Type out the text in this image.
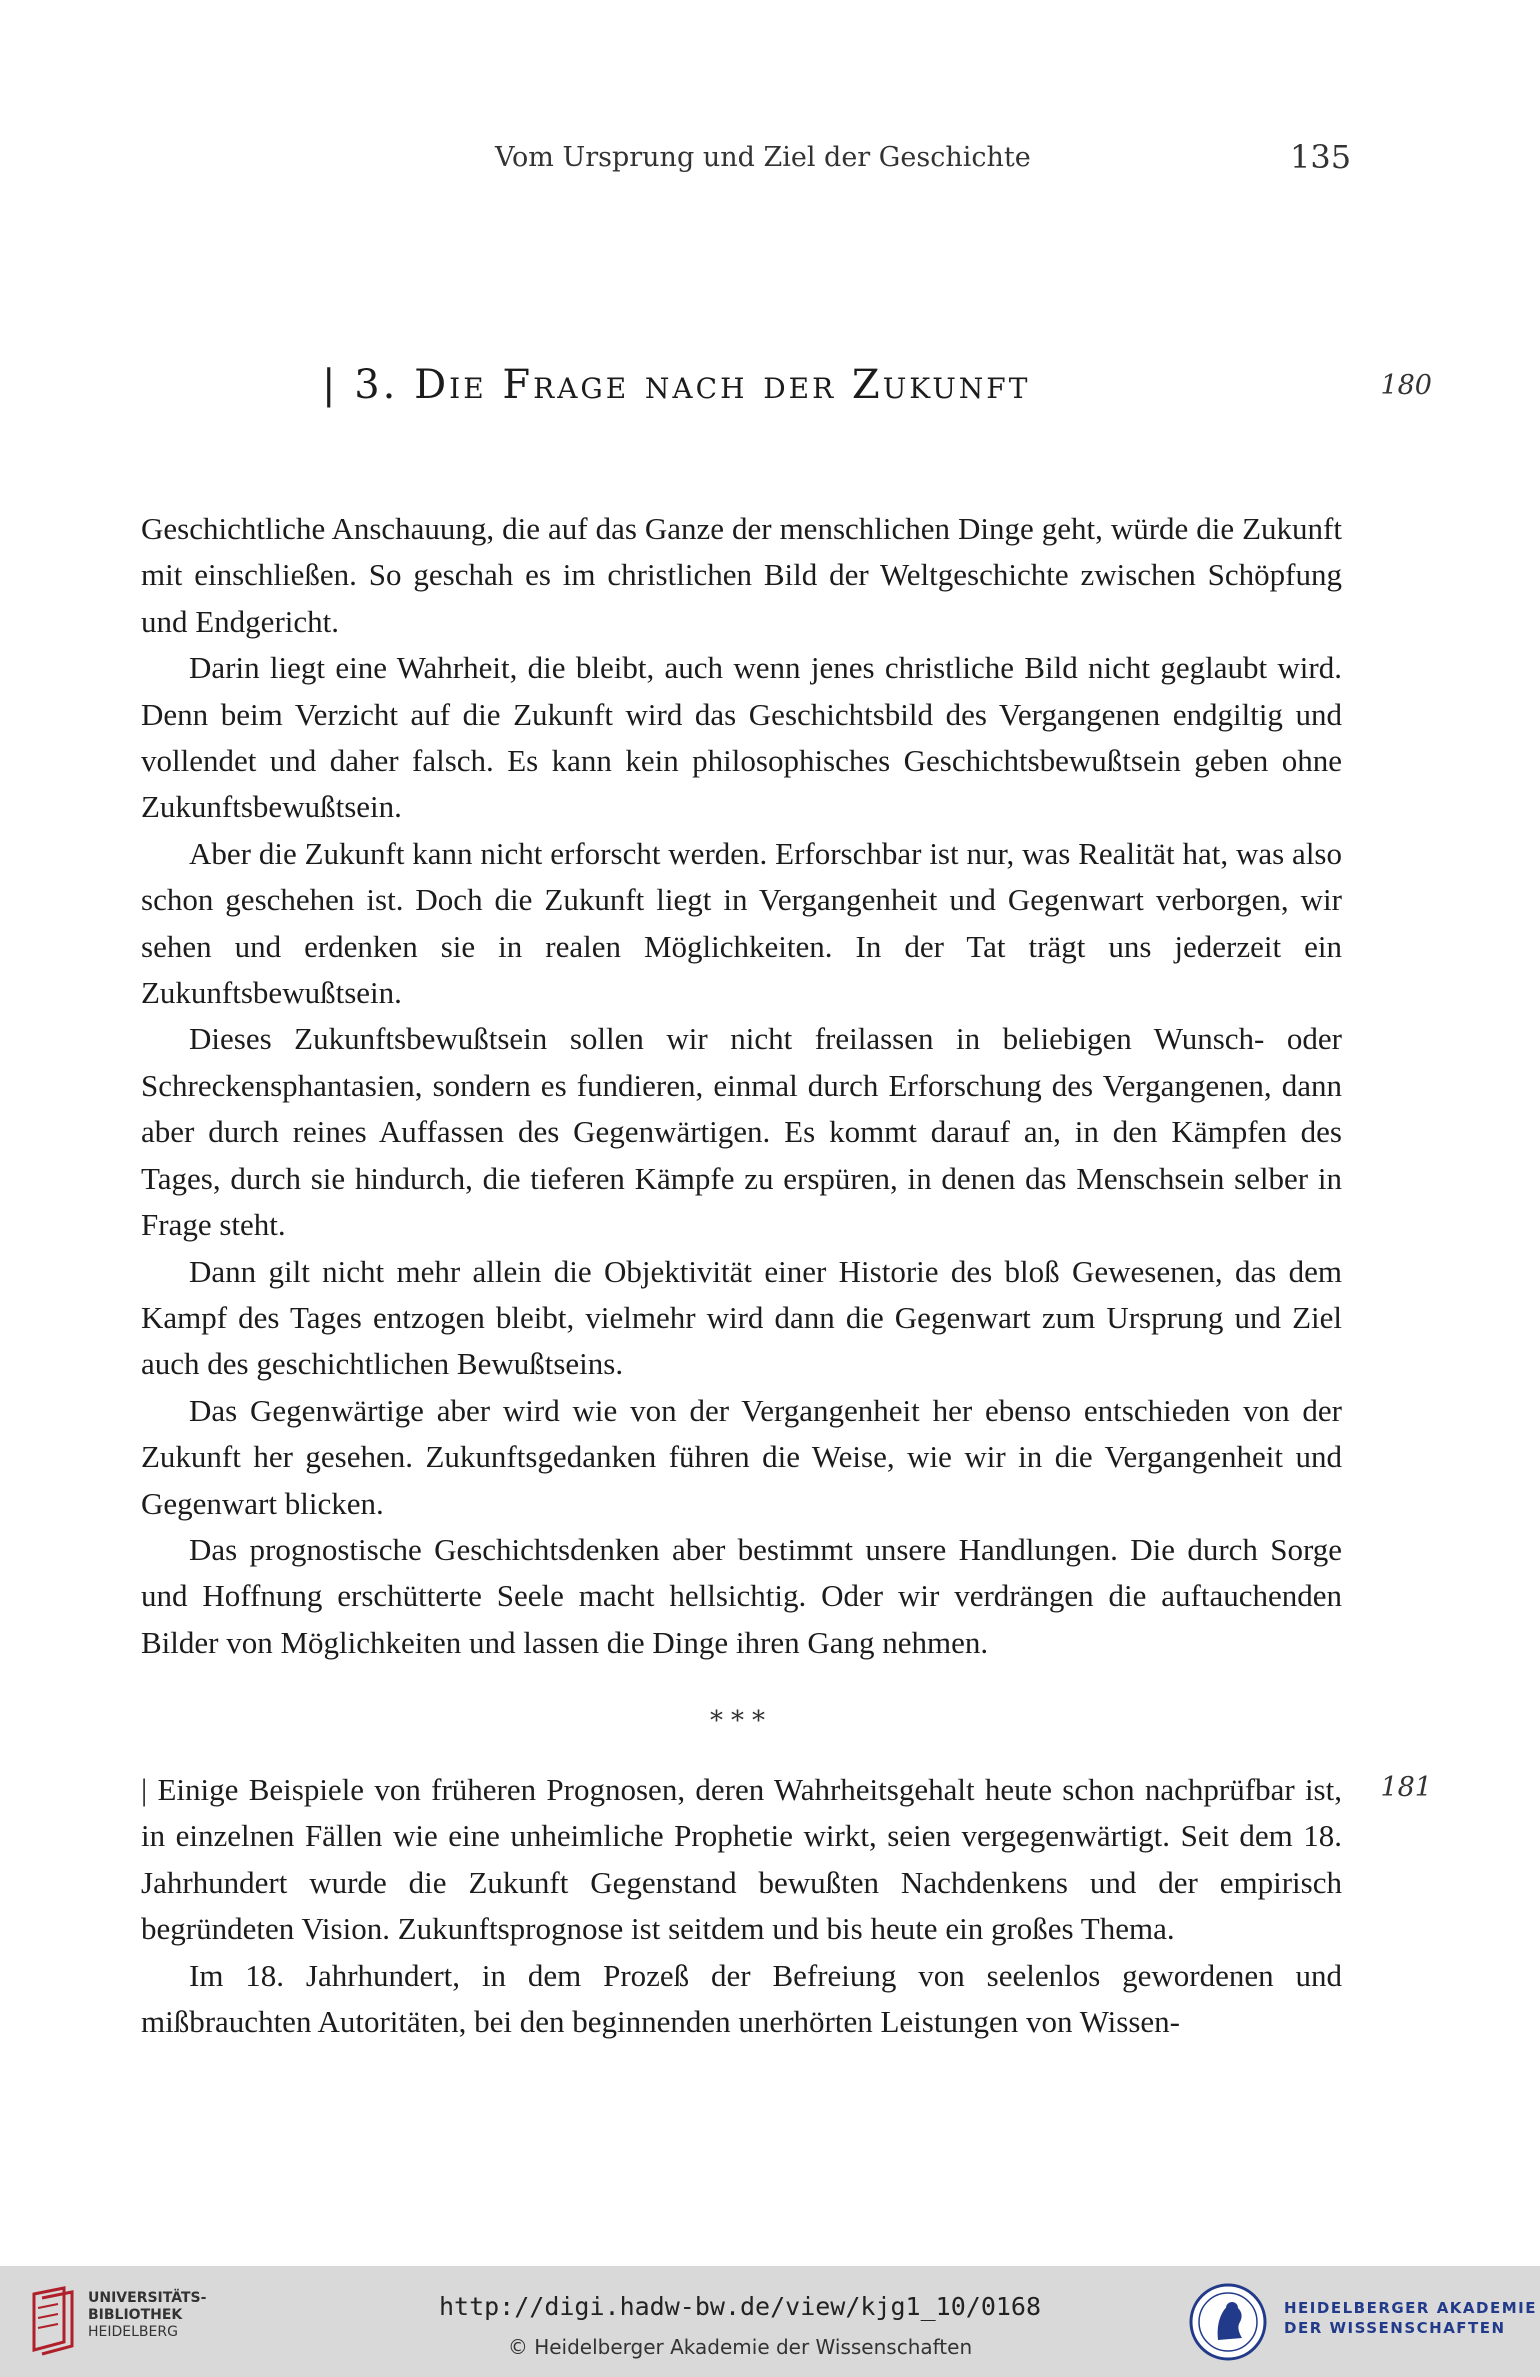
Vom Ursprung und Ziel der Geschichte	135
| 3. Die Frage nach der Zukunft	180

Geschichtliche Anschauung, die auf das Ganze der menschlichen Dinge geht, würde die Zukunft mit einschließen. So geschah es im christlichen Bild der Weltgeschichte zwischen Schöpfung und Endgericht.

Darin liegt eine Wahrheit, die bleibt, auch wenn jenes christliche Bild nicht geglaubt wird. Denn beim Verzicht auf die Zukunft wird das Geschichtsbild des Vergangenen endgiltig und vollendet und daher falsch. Es kann kein philosophisches Geschichtsbewußtsein geben ohne Zukunftsbewußtsein.

Aber die Zukunft kann nicht erforscht werden. Erforschbar ist nur, was Realität hat, was also schon geschehen ist. Doch die Zukunft liegt in Vergangenheit und Gegenwart verborgen, wir sehen und erdenken sie in realen Möglichkeiten. In der Tat trägt uns jederzeit ein Zukunftsbewußtsein.

Dieses Zukunftsbewußtsein sollen wir nicht freilassen in beliebigen Wunsch- oder Schreckensphantasien, sondern es fundieren, einmal durch Erforschung des Vergangenen, dann aber durch reines Auffassen des Gegenwärtigen. Es kommt darauf an, in den Kämpfen des Tages, durch sie hindurch, die tieferen Kämpfe zu erspüren, in denen das Menschsein selber in Frage steht.

Dann gilt nicht mehr allein die Objektivität einer Historie des bloß Gewesenen, das dem Kampf des Tages entzogen bleibt, vielmehr wird dann die Gegenwart zum Ursprung und Ziel auch des geschichtlichen Bewußtseins.

Das Gegenwärtige aber wird wie von der Vergangenheit her ebenso entschieden von der Zukunft her gesehen. Zukunftsgedanken führen die Weise, wie wir in die Vergangenheit und Gegenwart blicken.

Das prognostische Geschichtsdenken aber bestimmt unsere Handlungen. Die durch Sorge und Hoffnung erschütterte Seele macht hellsichtig. Oder wir verdrängen die auftauchenden Bilder von Möglichkeiten und lassen die Dinge ihren Gang nehmen.

***
181

| Einige Beispiele von früheren Prognosen, deren Wahrheitsgehalt heute schon nachprüfbar ist, in einzelnen Fällen wie eine unheimliche Prophetie wirkt, seien vergegenwärtigt. Seit dem 18. Jahrhundert wurde die Zukunft Gegenstand bewußten Nachdenkens und der empirisch begründeten Vision. Zukunftsprognose ist seitdem und bis heute ein großes Thema.

Im 18. Jahrhundert, in dem Prozeß der Befreiung von seelenlos gewordenen und mißbrauchten Autoritäten, bei den beginnenden unerhörten Leistungen von Wissen-

UNIVERSITÄTS-
BIBLIOTHEK
HEIDELBERG
http://digi.hadw-bw.de/view/kjg1_10/0168
© Heidelberger Akademie der Wissenschaften
HEIDELBERGER AKADEMIE
DER WISSENSCHAFTEN
